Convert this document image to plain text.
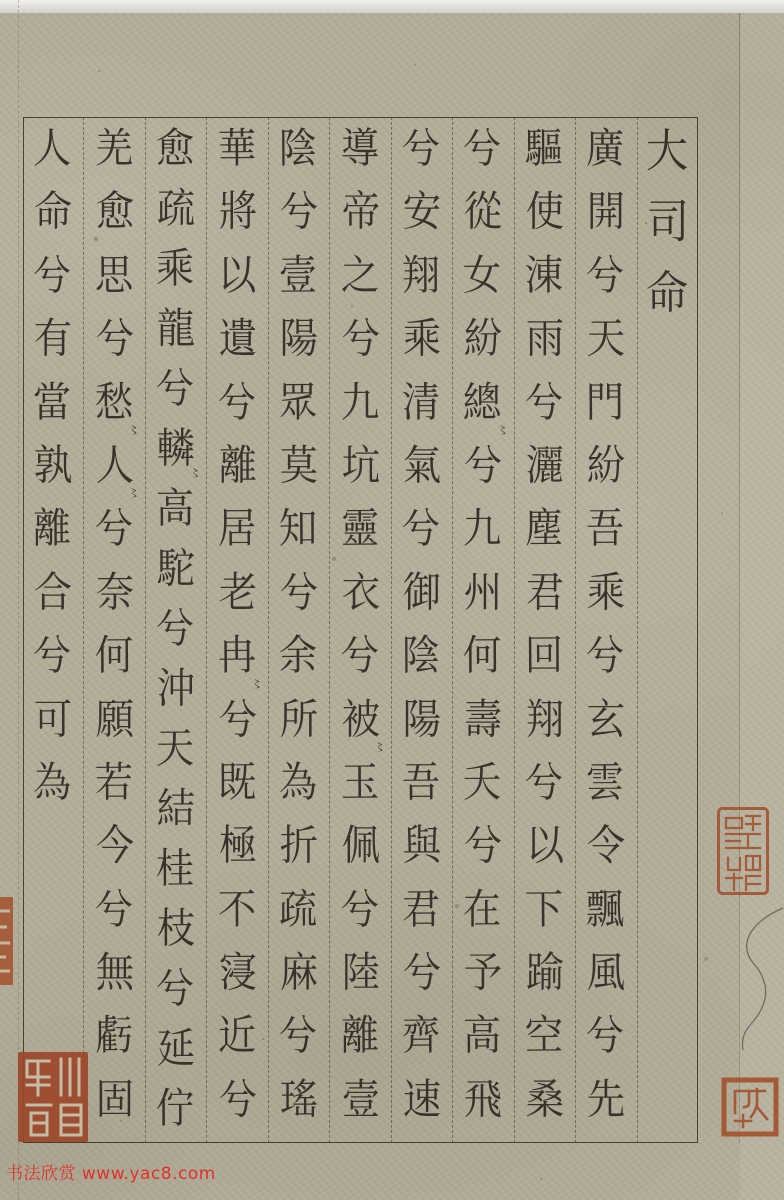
大
司
命
廣
開
兮
天
門
紛
吾
乘
兮
玄
雲
令
飄
風
兮
先
驅
使
涷
雨
兮
灑
塵
君
回
翔
兮
以
下
踰
空
桑
兮
從
女
紛
總
〻
兮
九
州
何
壽
夭
兮
在
予
高
飛
兮
安
翔
乘
清
氣
兮
御
陰
陽
吾
與
君
兮
齊
速
導
帝
之
兮
九
坑
靈
衣
兮
被
〻
玉
佩
兮
陸
離
壹
陰
兮
壹
陽
眾
莫
知
兮
余
所
為
折
疏
麻
兮
瑤
華
將
以
遺
兮
離
居
老
冉
〻
兮
既
極
不
寖
近
兮
愈
疏
乘
龍
兮
轔
〻
高
駝
兮
沖
天
結
桂
枝
兮
延
佇
羌
愈
思
兮
愁
〻
人
〻
兮
奈
何
願
若
今
兮
無
虧
固
人
命
兮
有
當
孰
離
合
兮
可
為
书法欣赏 www.yac8.com
